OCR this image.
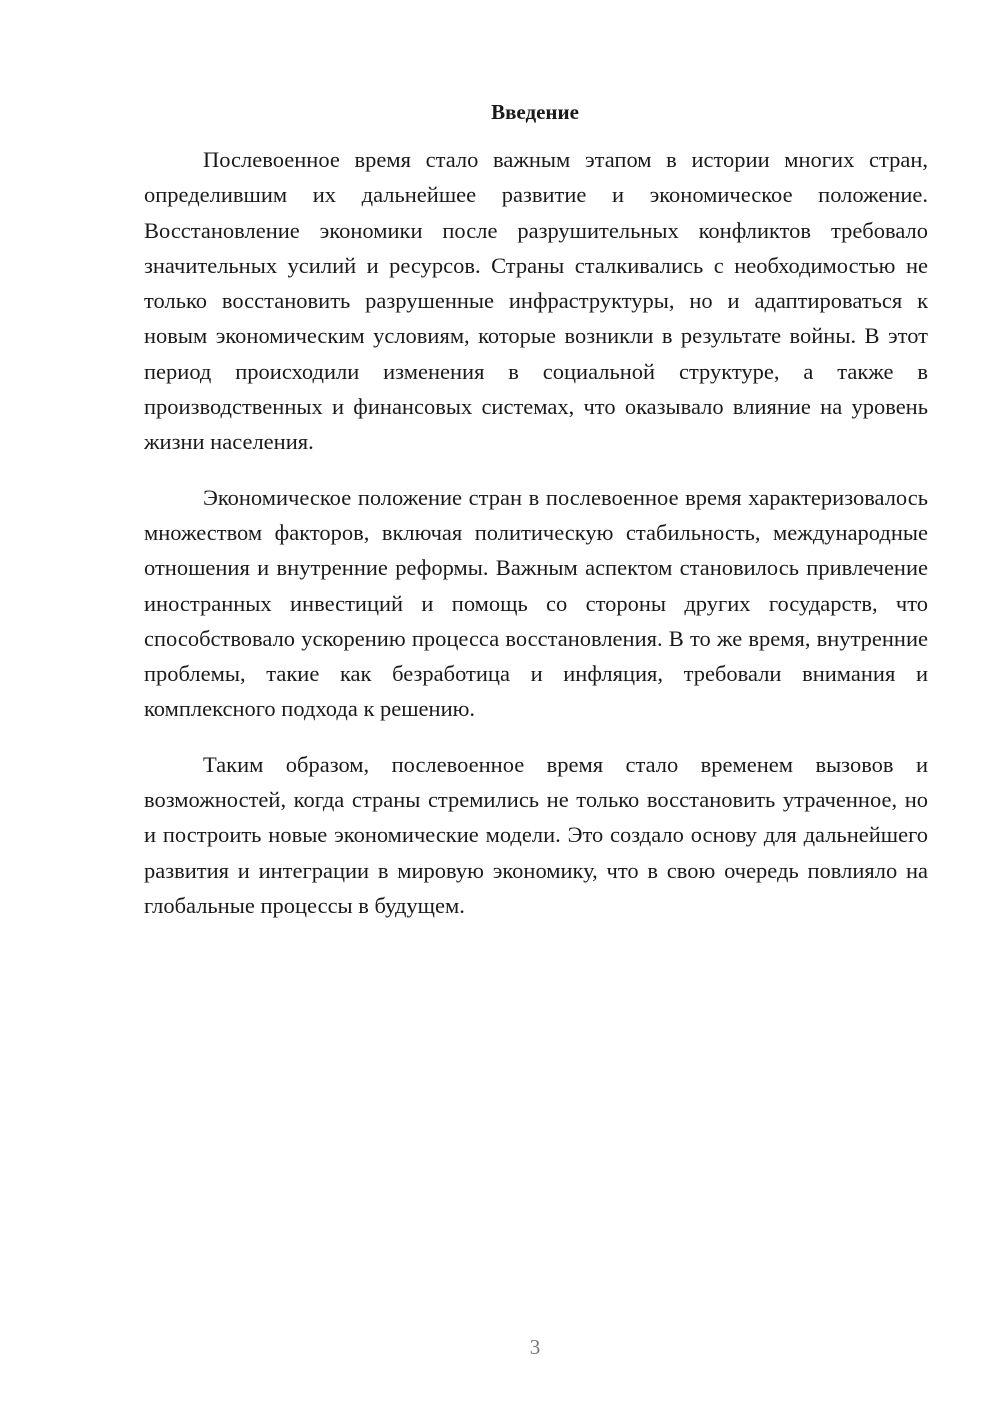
Введение

Послевоенное время стало важным этапом в истории многих стран, определившим их дальнейшее развитие и экономическое положение. Восстановление экономики после разрушительных конфликтов требовало значительных усилий и ресурсов. Страны сталкивались с необходимостью не только восстановить разрушенные инфраструктуры, но и адаптироваться к новым экономическим условиям, которые возникли в результате войны. В этот период происходили изменения в социальной структуре, а также в производственных и финансовых системах, что оказывало влияние на уровень жизни населения.

Экономическое положение стран в послевоенное время характеризовалось множеством факторов, включая политическую стабильность, международные отношения и внутренние реформы. Важным аспектом становилось привлечение иностранных инвестиций и помощь со стороны других государств, что способствовало ускорению процесса восстановления. В то же время, внутренние проблемы, такие как безработица и инфляция, требовали внимания и комплексного подхода к решению.

Таким образом, послевоенное время стало временем вызовов и возможностей, когда страны стремились не только восстановить утраченное, но и построить новые экономические модели. Это создало основу для дальнейшего развития и интеграции в мировую экономику, что в свою очередь повлияло на глобальные процессы в будущем.

3
